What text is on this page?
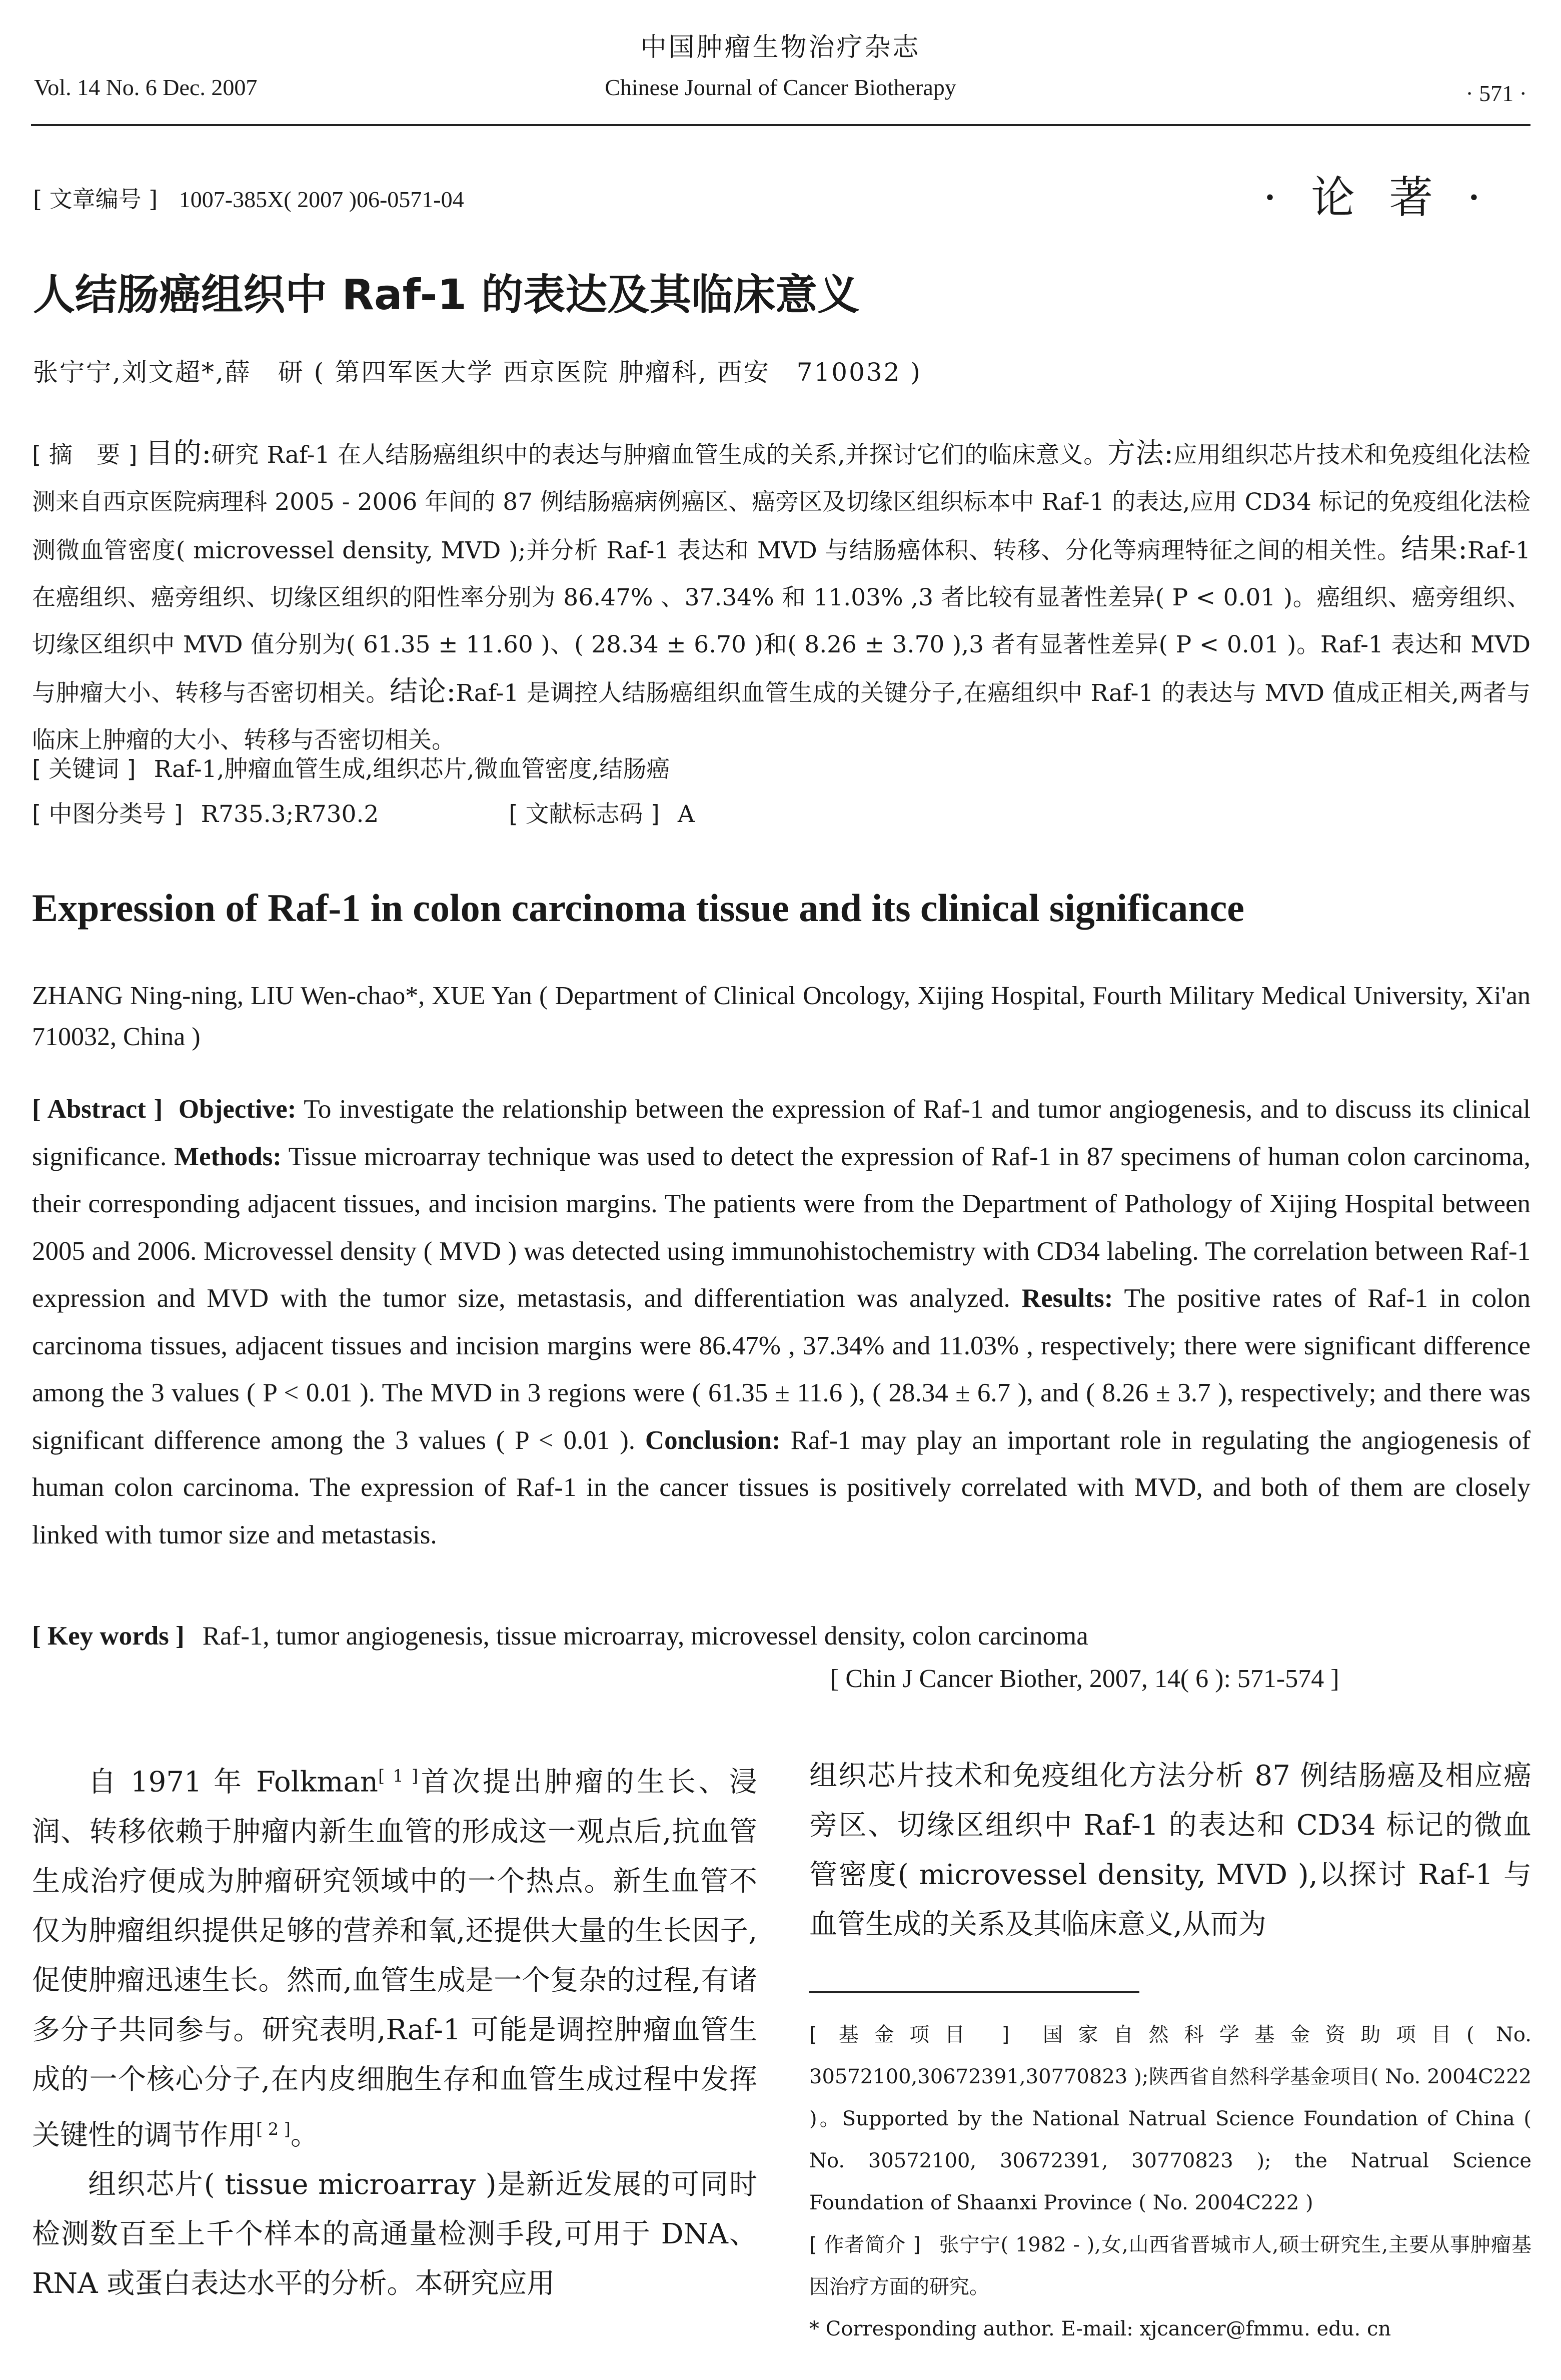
中国肿瘤生物治疗杂志
Vol. 14 No. 6 Dec. 2007	Chinese Journal of Cancer Biotherapy	· 571 ·
[ 文章编号 ] 1007-385X( 2007 )06-0571-04	· 论 著 ·
人结肠癌组织中 Raf-1 的表达及其临床意义
张宁宁,刘文超*,薛　研 ( 第四军医大学 西京医院 肿瘤科, 西安　710032 )
[ 摘　要 ] 目的:研究 Raf-1 在人结肠癌组织中的表达与肿瘤血管生成的关系,并探讨它们的临床意义。方法:应用组织芯片技术和免疫组化法检测来自西京医院病理科 2005 - 2006 年间的 87 例结肠癌病例癌区、癌旁区及切缘区组织标本中 Raf-1 的表达,应用 CD34 标记的免疫组化法检测微血管密度( microvessel density, MVD );并分析 Raf-1 表达和 MVD 与结肠癌体积、转移、分化等病理特征之间的相关性。结果:Raf-1 在癌组织、癌旁组织、切缘区组织的阳性率分别为 86.47% 、37.34% 和 11.03% ,3 者比较有显著性差异( P < 0.01 )。癌组织、癌旁组织、切缘区组织中 MVD 值分别为( 61.35 ± 11.60 )、( 28.34 ± 6.70 )和( 8.26 ± 3.70 ),3 者有显著性差异( P < 0.01 )。Raf-1 表达和 MVD 与肿瘤大小、转移与否密切相关。结论:Raf-1 是调控人结肠癌组织血管生成的关键分子,在癌组织中 Raf-1 的表达与 MVD 值成正相关,两者与临床上肿瘤的大小、转移与否密切相关。
[ 关键词 ] Raf-1,肿瘤血管生成,组织芯片,微血管密度,结肠癌
[ 中图分类号 ] R735.3;R730.2	[ 文献标志码 ] A
Expression of Raf-1 in colon carcinoma tissue and its clinical significance
ZHANG Ning-ning, LIU Wen-chao*, XUE Yan ( Department of Clinical Oncology, Xijing Hospital, Fourth Military Medical University, Xi'an 710032, China )
[ Abstract ] Objective: To investigate the relationship between the expression of Raf-1 and tumor angiogenesis, and to discuss its clinical significance. Methods: Tissue microarray technique was used to detect the expression of Raf-1 in 87 specimens of human colon carcinoma, their corresponding adjacent tissues, and incision margins. The patients were from the Department of Pathology of Xijing Hospital between 2005 and 2006. Microvessel density ( MVD ) was detected using immunohistochemistry with CD34 labeling. The correlation between Raf-1 expression and MVD with the tumor size, metastasis, and differentiation was analyzed. Results: The positive rates of Raf-1 in colon carcinoma tissues, adjacent tissues and incision margins were 86.47% , 37.34% and 11.03% , respectively; there were significant difference among the 3 values ( P < 0.01 ). The MVD in 3 regions were ( 61.35 ± 11.6 ), ( 28.34 ± 6.7 ), and ( 8.26 ± 3.7 ), respectively; and there was significant difference among the 3 values ( P < 0.01 ). Conclusion: Raf-1 may play an important role in regulating the angiogenesis of human colon carcinoma. The expression of Raf-1 in the cancer tissues is positively correlated with MVD, and both of them are closely linked with tumor size and metastasis.
[ Key words ] Raf-1, tumor angiogenesis, tissue microarray, microvessel density, colon carcinoma
[ Chin J Cancer Biother, 2007, 14( 6 ): 571-574 ]

自 1971 年 Folkman[ 1 ]首次提出肿瘤的生长、浸润、转移依赖于肿瘤内新生血管的形成这一观点后,抗血管生成治疗便成为肿瘤研究领域中的一个热点。新生血管不仅为肿瘤组织提供足够的营养和氧,还提供大量的生长因子,促使肿瘤迅速生长。然而,血管生成是一个复杂的过程,有诸多分子共同参与。研究表明,Raf-1 可能是调控肿瘤血管生成的一个核心分子,在内皮细胞生存和血管生成过程中发挥关键性的调节作用[ 2 ]。

组织芯片( tissue microarray )是新近发展的可同时检测数百至上千个样本的高通量检测手段,可用于 DNA、RNA 或蛋白表达水平的分析。本研究应用

组织芯片技术和免疫组化方法分析 87 例结肠癌及相应癌旁区、切缘区组织中 Raf-1 的表达和 CD34 标记的微血管密度( microvessel density, MVD ),以探讨 Raf-1 与血管生成的关系及其临床意义,从而为

[ 基金项目 ] 国家自然科学基金资助项目( No. 30572100,30672391,30770823 );陕西省自然科学基金项目( No. 2004C222 )。Supported by the National Natrual Science Foundation of China ( No. 30572100, 30672391, 30770823 ); the Natrual Science Foundation of Shaanxi Province ( No. 2004C222 )

[ 作者简介 ] 张宁宁( 1982 - ),女,山西省晋城市人,硕士研究生,主要从事肿瘤基因治疗方面的研究。

* Corresponding author. E-mail: xjcancer@fmmu. edu. cn
